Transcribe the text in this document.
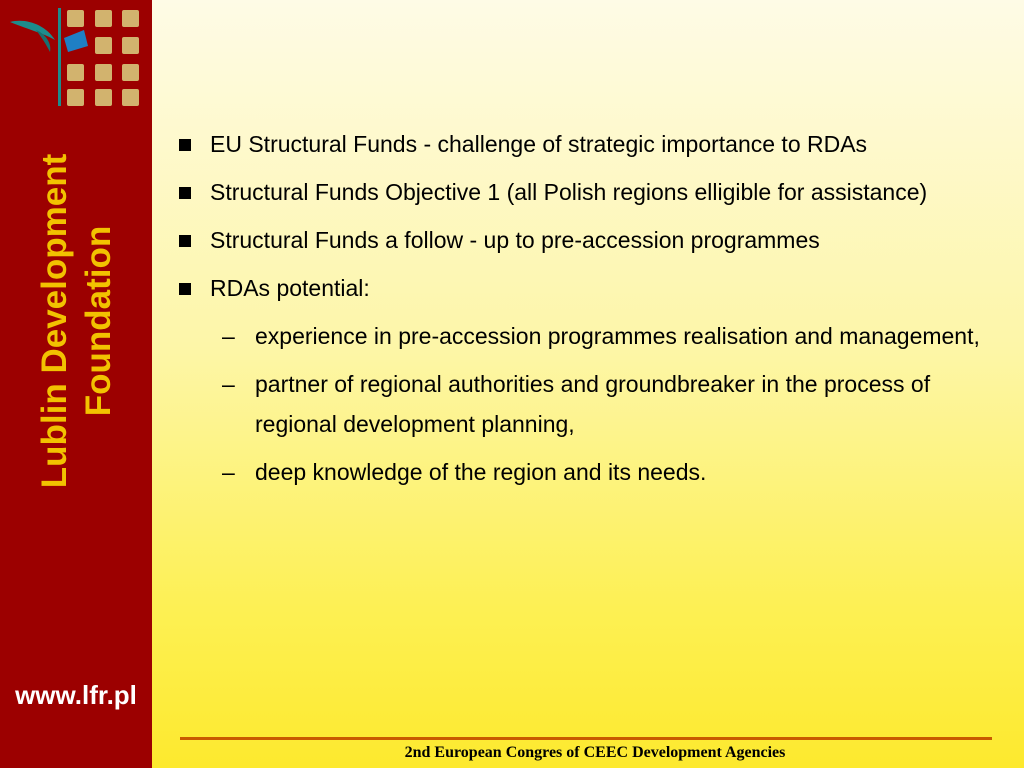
Lublin Development Foundation
www.lfr.pl
EU Structural Funds - challenge of strategic importance to RDAs
Structural Funds Objective 1 (all Polish regions elligible for assistance)
Structural Funds a follow - up to pre-accession programmes
RDAs potential:
– experience in pre-accession programmes realisation and management,
– partner of regional authorities and groundbreaker in the process of regional development planning,
– deep knowledge of the region and its needs.
2nd European Congres of CEEC Development Agencies
